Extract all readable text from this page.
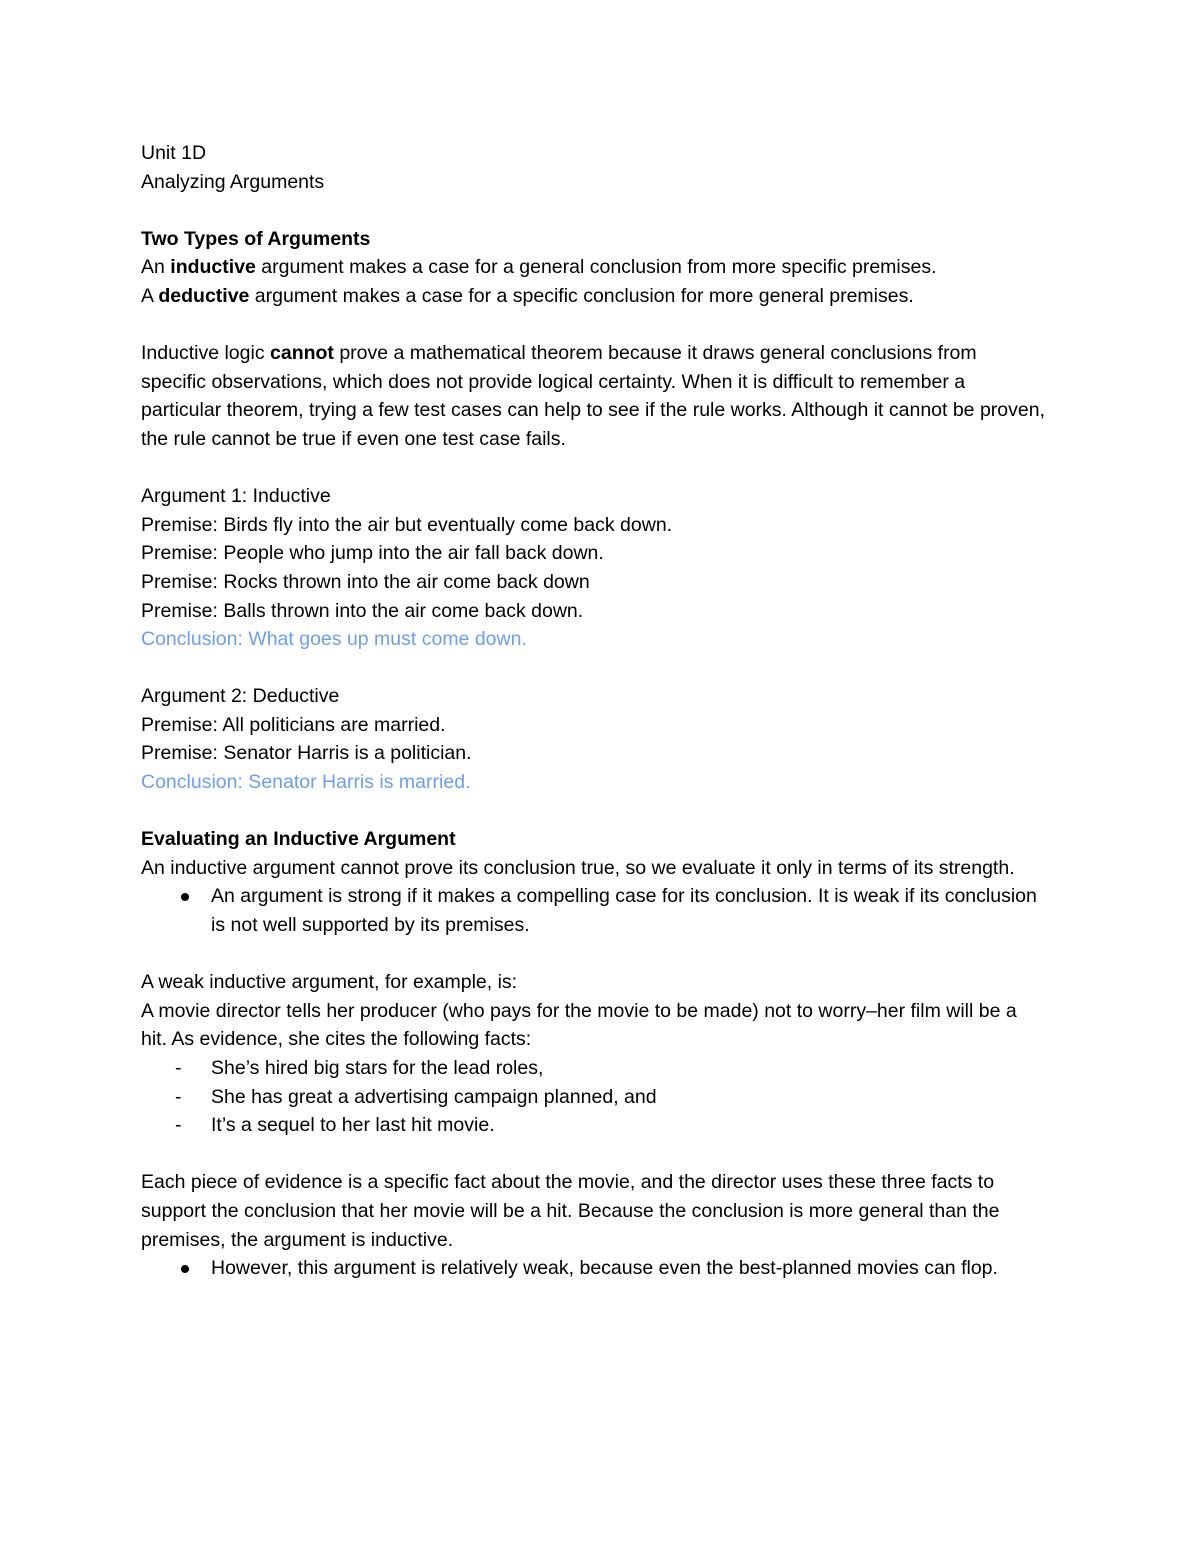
Unit 1D

Analyzing Arguments

Two Types of Arguments

An inductive argument makes a case for a general conclusion from more specific premises.

A deductive argument makes a case for a specific conclusion for more general premises.

Inductive logic cannot prove a mathematical theorem because it draws general conclusions from specific observations, which does not provide logical certainty. When it is difficult to remember a particular theorem, trying a few test cases can help to see if the rule works. Although it cannot be proven, the rule cannot be true if even one test case fails.

Argument 1: Inductive

Premise: Birds fly into the air but eventually come back down.

Premise: People who jump into the air fall back down.

Premise: Rocks thrown into the air come back down

Premise: Balls thrown into the air come back down.

Conclusion: What goes up must come down.

Argument 2: Deductive

Premise: All politicians are married.

Premise: Senator Harris is a politician.

Conclusion: Senator Harris is married.

Evaluating an Inductive Argument

An inductive argument cannot prove its conclusion true, so we evaluate it only in terms of its strength.

An argument is strong if it makes a compelling case for its conclusion. It is weak if its conclusion is not well supported by its premises.

A weak inductive argument, for example, is:

A movie director tells her producer (who pays for the movie to be made) not to worry–her film will be a hit. As evidence, she cites the following facts:

- She’s hired big stars for the lead roles,
- She has great a advertising campaign planned, and
- It’s a sequel to her last hit movie.

Each piece of evidence is a specific fact about the movie, and the director uses these three facts to support the conclusion that her movie will be a hit. Because the conclusion is more general than the premises, the argument is inductive.

However, this argument is relatively weak, because even the best-planned movies can flop.
